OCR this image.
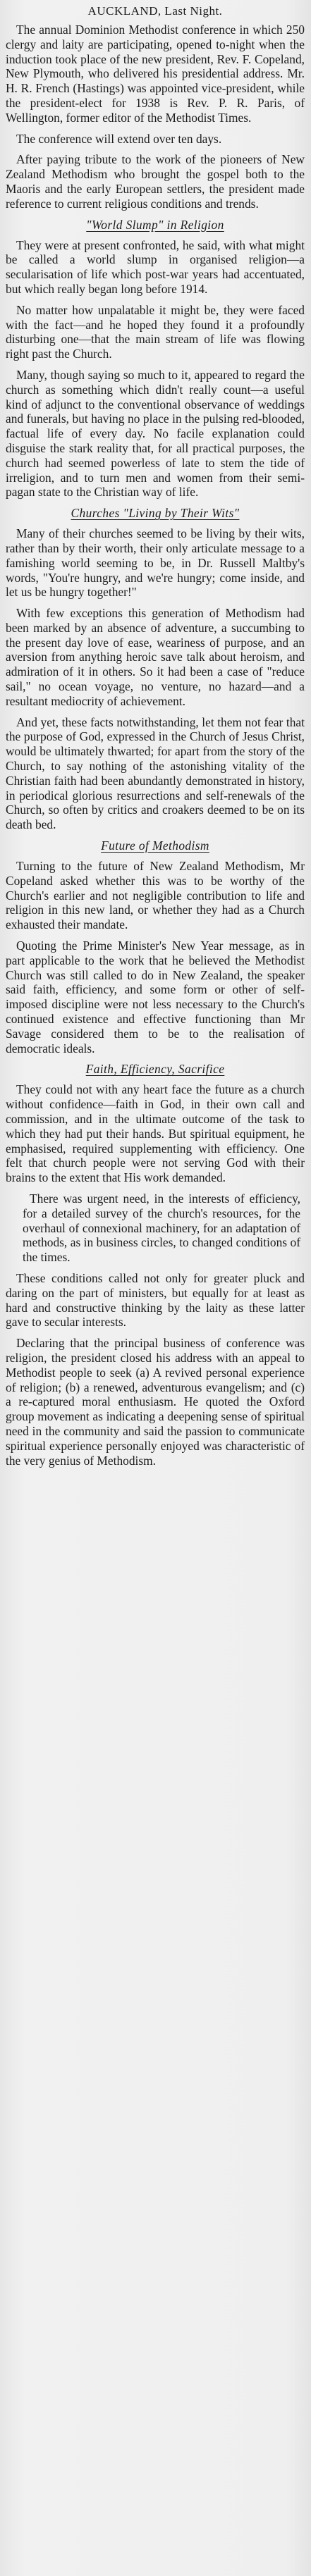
AUCKLAND, Last Night.

The annual Dominion Methodist conference in which 250 clergy and laity are participating, opened to-night when the induction took place of the new president, Rev. F. Copeland, New Plymouth, who delivered his presidential address. Mr. H. R. French (Hastings) was appointed vice-president, while the president-elect for 1938 is Rev. P. R. Paris, of Wellington, former editor of the Methodist Times.

The conference will extend over ten days.

After paying tribute to the work of the pioneers of New Zealand Methodism who brought the gospel both to the Maoris and the early European settlers, the president made reference to current religious conditions and trends.

"World Slump" in Religion

They were at present confronted, he said, with what might be called a world slump in organised religion—a secularisation of life which post-war years had accentuated, but which really began long before 1914.

No matter how unpalatable it might be, they were faced with the fact—and he hoped they found it a profoundly disturbing one—that the main stream of life was flowing right past the Church.

Many, though saying so much to it, appeared to regard the church as something which didn't really count—a useful kind of adjunct to the conventional observance of weddings and funerals, but having no place in the pulsing red-blooded, factual life of every day. No facile explanation could disguise the stark reality that, for all practical purposes, the church had seemed powerless of late to stem the tide of irreligion, and to turn men and women from their semi-pagan state to the Christian way of life.

Churches "Living by Their Wits"

Many of their churches seemed to be living by their wits, rather than by their worth, their only articulate message to a famishing world seeming to be, in Dr. Russell Maltby's words, "You're hungry, and we're hungry; come inside, and let us be hungry together!"

With few exceptions this generation of Methodism had been marked by an absence of adventure, a succumbing to the present day love of ease, weariness of purpose, and an aversion from anything heroic save talk about heroism, and admiration of it in others. So it had been a case of "reduce sail," no ocean voyage, no venture, no hazard—and a resultant mediocrity of achievement.

And yet, these facts notwithstanding, let them not fear that the purpose of God, expressed in the Church of Jesus Christ, would be ultimately thwarted; for apart from the story of the Church, to say nothing of the astonishing vitality of the Christian faith had been abundantly demonstrated in history, in periodical glorious resurrections and self-renewals of the Church, so often by critics and croakers deemed to be on its death bed.

Future of Methodism

Turning to the future of New Zealand Methodism, Mr Copeland asked whether this was to be worthy of the Church's earlier and not negligible contribution to life and religion in this new land, or whether they had as a Church exhausted their mandate.

Quoting the Prime Minister's New Year message, as in part applicable to the work that he believed the Methodist Church was still called to do in New Zealand, the speaker said faith, efficiency, and some form or other of self-imposed discipline were not less necessary to the Church's continued existence and effective functioning than Mr Savage considered them to be to the realisation of democratic ideals.

Faith, Efficiency, Sacrifice

They could not with any heart face the future as a church without confidence—faith in God, in their own call and commission, and in the ultimate outcome of the task to which they had put their hands. But spiritual equipment, he emphasised, required supplementing with efficiency. One felt that church people were not serving God with their brains to the extent that His work demanded.

There was urgent need, in the interests of efficiency, for a detailed survey of the church's resources, for the overhaul of connexional machinery, for an adaptation of methods, as in business circles, to changed conditions of the times.

These conditions called not only for greater pluck and daring on the part of ministers, but equally for at least as hard and constructive thinking by the laity as these latter gave to secular interests.

Declaring that the principal business of conference was religion, the president closed his address with an appeal to Methodist people to seek (a) A revived personal experience of religion; (b) a renewed, adventurous evangelism; and (c) a re-captured moral enthusiasm. He quoted the Oxford group movement as indicating a deepening sense of spiritual need in the community and said the passion to communicate spiritual experience personally enjoyed was characteristic of the very genius of Methodism.
